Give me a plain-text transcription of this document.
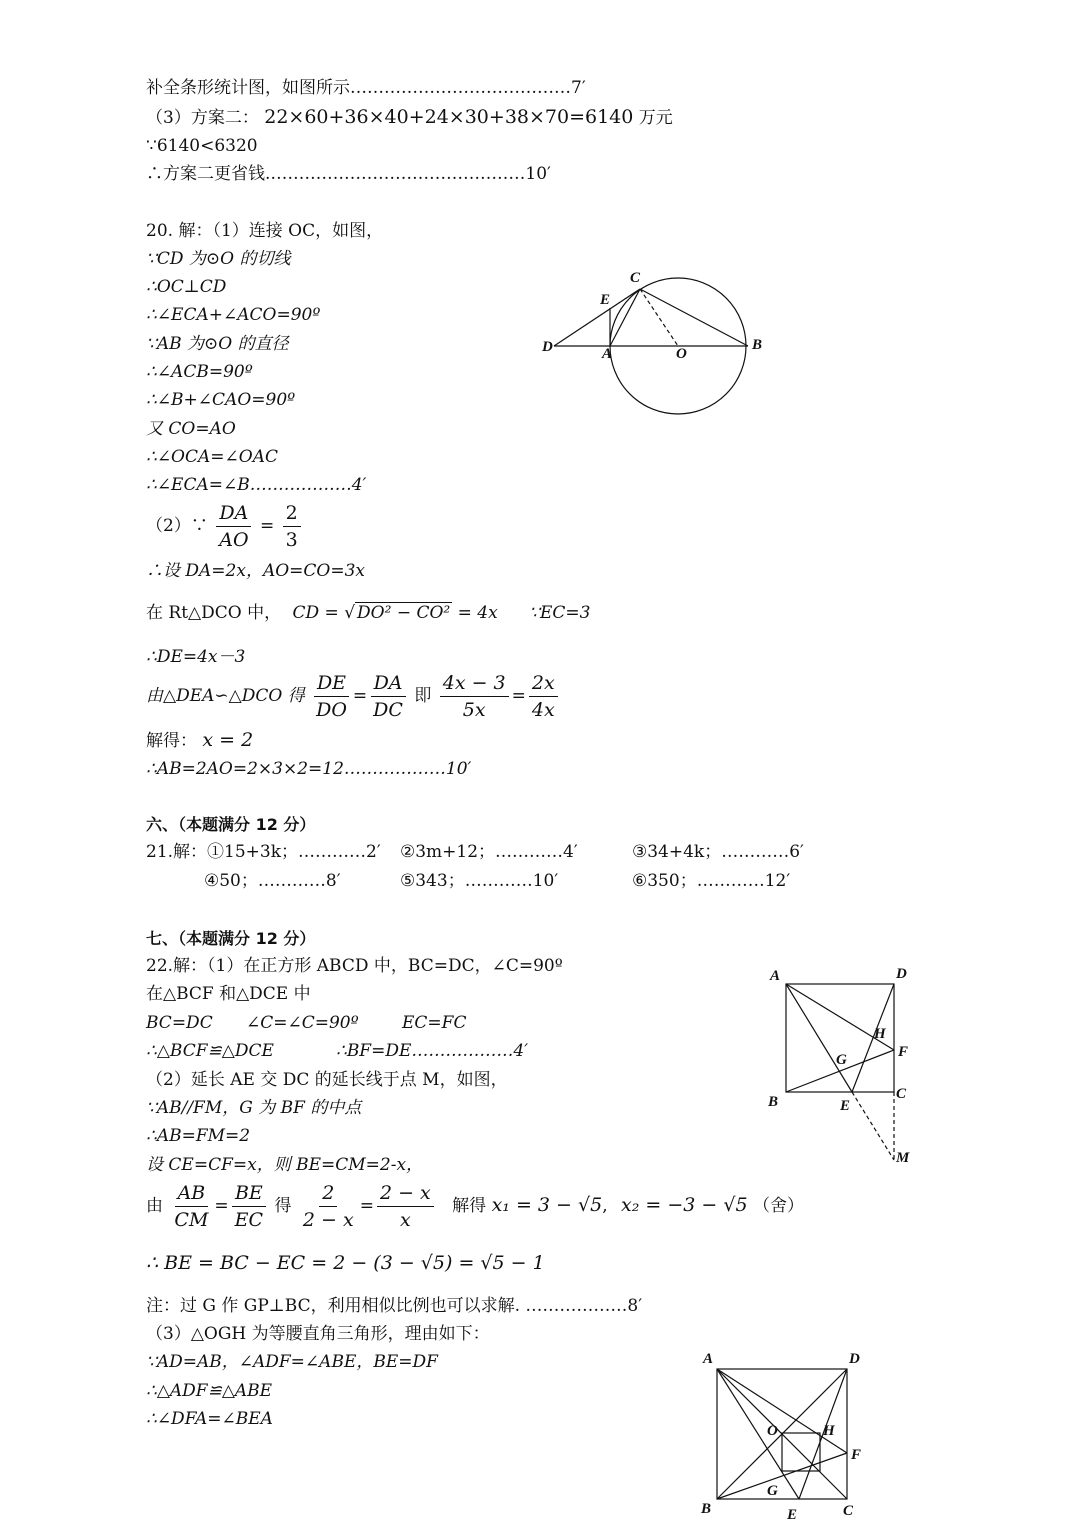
补全条形统计图，如图所示…………………………………7′
（3）方案二： 22×60+36×40+24×30+38×70=6140 万元
∵6140<6320
∴方案二更省钱.………………………………………10′
20. 解：（1）连接 OC，如图，
∵CD 为⊙O 的切线
∴OC⊥CD
∴∠ECA+∠ACO=90º
∵AB 为⊙O 的直径
∴∠ACB=90º
∴∠B+∠CAO=90º
又 CO=AO
∴∠OCA=∠OAC
∴∠ECA=∠B………………4′
（2）∵ $\frac{DA}{AO} = \frac{2}{3}$
∴设 DA=2x，AO=CO=3x
在 Rt△DCO 中， CD = √ DO² − CO² = 4x ∵EC=3
∴DE=4x－3
由△DEA∽△DCO 得 $\frac{DE}{DO} = \frac{DA}{DC}$ 即 $\frac{4x - 3}{5x} = \frac{2x}{4x}$
解得： x = 2
∴AB=2AO=2×3×2=12………………10′
C
E
D	A	O
B
六、（本题满分 12 分）
21.解：①15+3k；…………2′ ②3m+12；…………4′	③34+4k；…………6′
④50；…………8′	⑤343；…………10′	⑥350；…………12′
七、（本题满分 12 分）
22.解：（1）在正方形 ABCD 中，BC=DC，∠C=90º
在△BCF 和△DCE 中
BC=DC ∠C=∠C=90º	EC=FC
∴△BCF≌△DCE	∴BF=DE………………4′
（2）延长 AE 交 DC 的延长线于点 M，如图，
∵AB//FM，G 为 BF 的中点
∴AB=FM=2
设 CE=CF=x，则 BE=CM=2-x，
由 $\frac{AB}{CM} = \frac{BE}{EC}$ 得 $\frac{2}{2 - x} = \frac{2 - x}{x}$ 解得 x₁ = 3 − √5, x₂ = −3 − √5 （舍）
∴ BE = BC − EC = 2 − (3 − √5) = √5 − 1
注：过 G 作 GP⊥BC，利用相似比例也可以求解. ………………8′
（3）△OGH 为等腰直角三角形，理由如下：
∵AD=AB，∠ADF=∠ABE，BE=DF
∴△ADF≌△ABE
∴∠DFA=∠BEA
A	D
H
G	F
B	E
C
M
A	D
O	H
F
G
B	E	C
